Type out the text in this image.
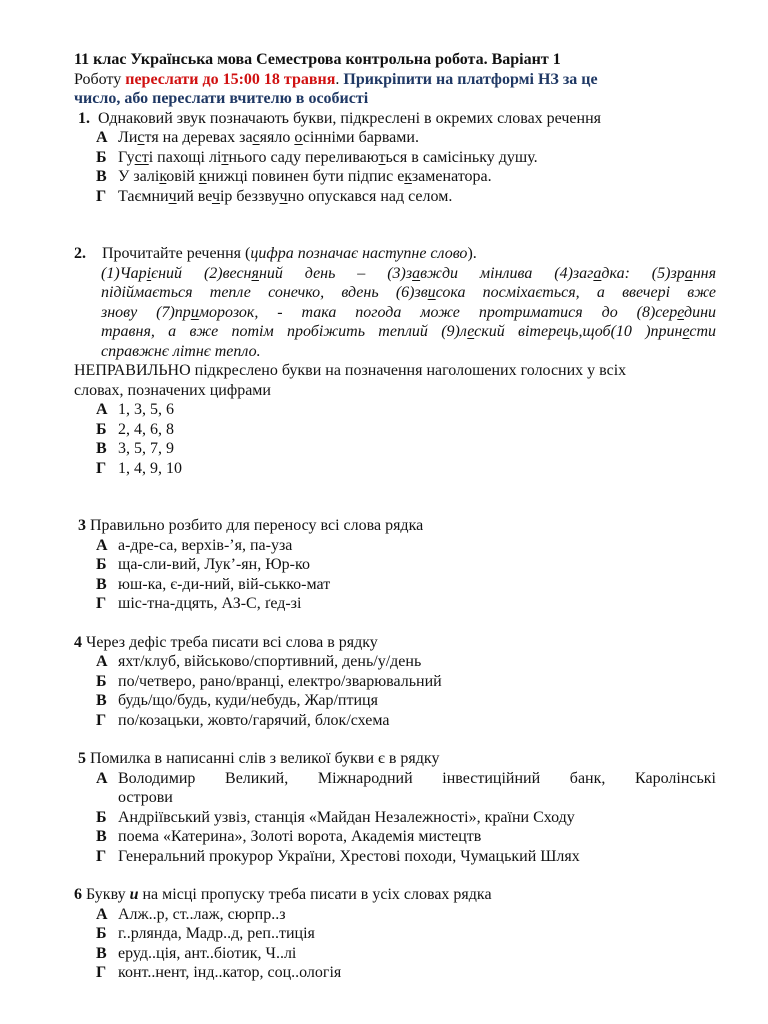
11 клас Українська мова Семестрова контрольна робота. Варіант 1
Роботу переслати до 15:00 18 травня. Прикріпити на платформі НЗ за це
число, або переслати вчителю в особисті
1. Однаковий звук позначають букви, підкреслені в окремих словах речення
А Листя на деревах засяяло осінніми барвами.
Б Густі пахощі літнього саду переливаються в самісіньку душу.
В У заліковій книжці повинен бути підпис екзаменатора.
Г Таємничий вечір беззвучно опускався над селом.
2. Прочитайте речення (цифра позначає наступне слово).
(1)Чарієний (2)весняний день – (3)завжди мінлива (4)загадка: (5)зрання
підіймається тепле сонечко, вдень (6)звисока посміхається, а ввечері вже
знову (7)приморозок, - така погода може протриматися до (8)середини
травня, а вже потім пробіжить теплий (9)леский вітерець,щоб(10 )принести
справжнє літнє тепло.
НЕПРАВИЛЬНО підкреслено букви на позначення наголошених голосних у всіх
словах, позначених цифрами
А 1, 3, 5, 6
Б 2, 4, 6, 8
В 3, 5, 7, 9
Г 1, 4, 9, 10
3 Правильно розбито для переносу всі слова рядка
А а-дре-са, верхів-’я, па-уза
Б ща-сли-вий, Лук’-ян, Юр-ко
В юш-ка, є-ди-ний, вій-ськко-мат
Г шіс-тна-дцять, АЗ-С, ґед-зі
4 Через дефіс треба писати всі слова в рядку
А яхт/клуб, військово/спортивний, день/у/день
Б по/четверо, рано/вранці, електро/зварювальний
В будь/що/будь, куди/небудь, Жар/птиця
Г по/козацьки, жовто/гарячий, блок/схема
5 Помилка в написанні слів з великої букви є в рядку
А Володимир Великий, Міжнародний інвестиційний банк, Каролінські
острови
Б Андріївський узвіз, станція «Майдан Незалежності», країни Сходу
В поема «Катерина», Золоті ворота, Академія мистецтв
Г Генеральний прокурор України, Хрестові походи, Чумацький Шлях
6 Букву и на місці пропуску треба писати в усіх словах рядка
А Алж..р, ст..лаж, сюрпр..з
Б г..рлянда, Мадр..д, реп..тиція
В еруд..ція, ант..біотик, Ч..лі
Г конт..нент, інд..катор, соц..ологія
